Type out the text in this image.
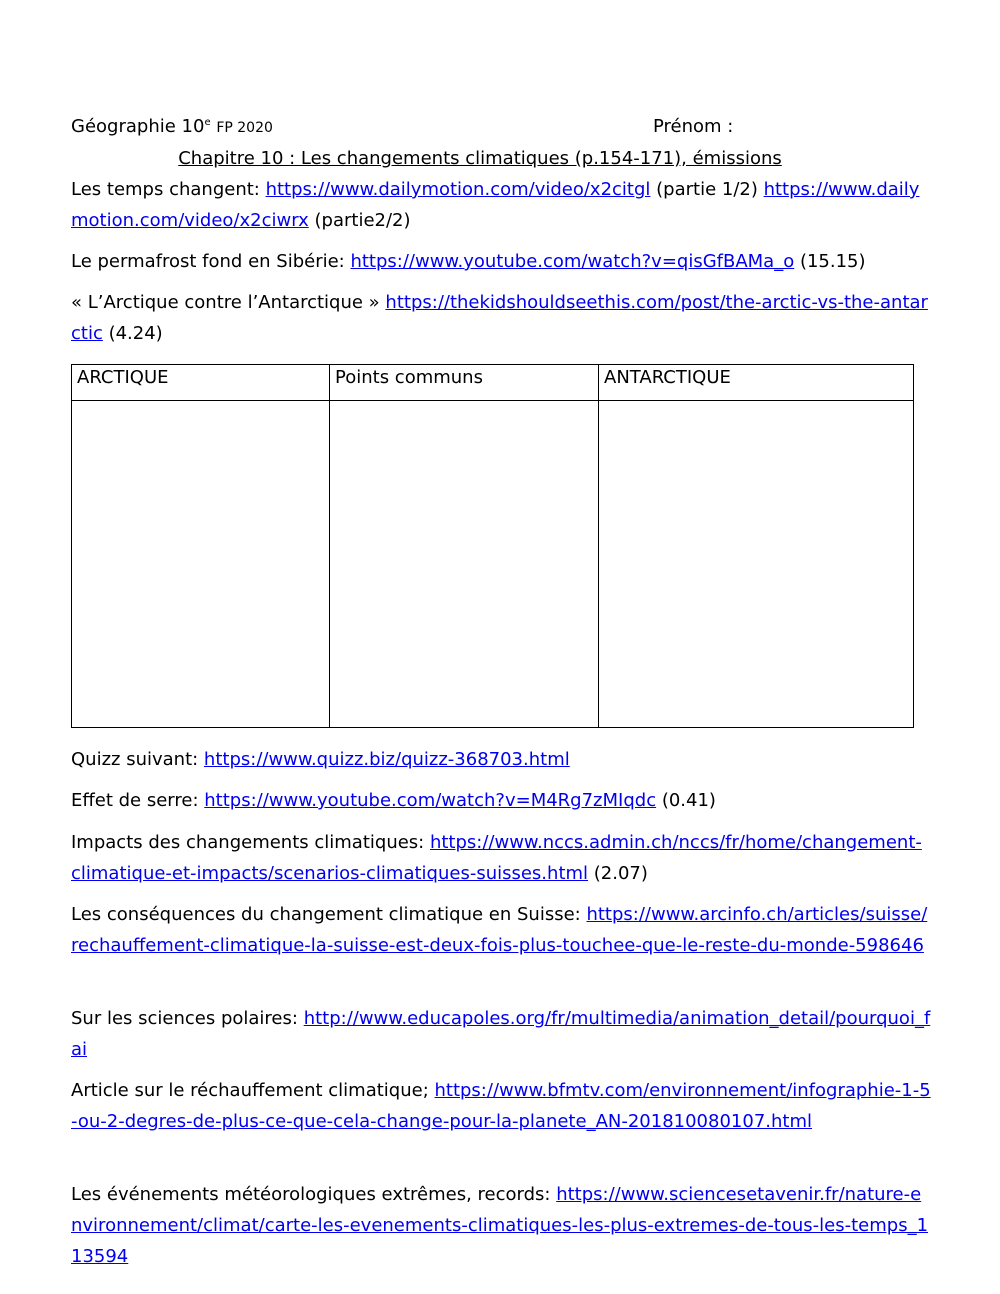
Géographie 10e FP 2020	Prénom :
Chapitre 10 : Les changements climatiques (p.154-171), émissions
Les temps changent: https://www.dailymotion.com/video/x2citgl (partie 1/2) https://www.dailymotion.com/video/x2ciwrx (partie2/2)
Le permafrost fond en Sibérie: https://www.youtube.com/watch?v=qisGfBAMa_o (15.15)
« L’Arctique contre l’Antarctique » https://thekidshouldseethis.com/post/the-arctic-vs-the-antarctic (4.24)
ARCTIQUE	Points communs	ANTARCTIQUE

Quizz suivant: https://www.quizz.biz/quizz-368703.html
Effet de serre: https://www.youtube.com/watch?v=M4Rg7zMIqdc (0.41)
Impacts des changements climatiques: https://www.nccs.admin.ch/nccs/fr/home/changement-climatique-et-impacts/scenarios-climatiques-suisses.html (2.07)
Les conséquences du changement climatique en Suisse: https://www.arcinfo.ch/articles/suisse/rechauffement-climatique-la-suisse-est-deux-fois-plus-touchee-que-le-reste-du-monde-598646
Sur les sciences polaires: http://www.educapoles.org/fr/multimedia/animation_detail/pourquoi_fai
Article sur le réchauffement climatique; https://www.bfmtv.com/environnement/infographie-1-5-ou-2-degres-de-plus-ce-que-cela-change-pour-la-planete_AN-201810080107.html
Les événements météorologiques extrêmes, records: https://www.sciencesetavenir.fr/nature-environnement/climat/carte-les-evenements-climatiques-les-plus-extremes-de-tous-les-temps_113594
